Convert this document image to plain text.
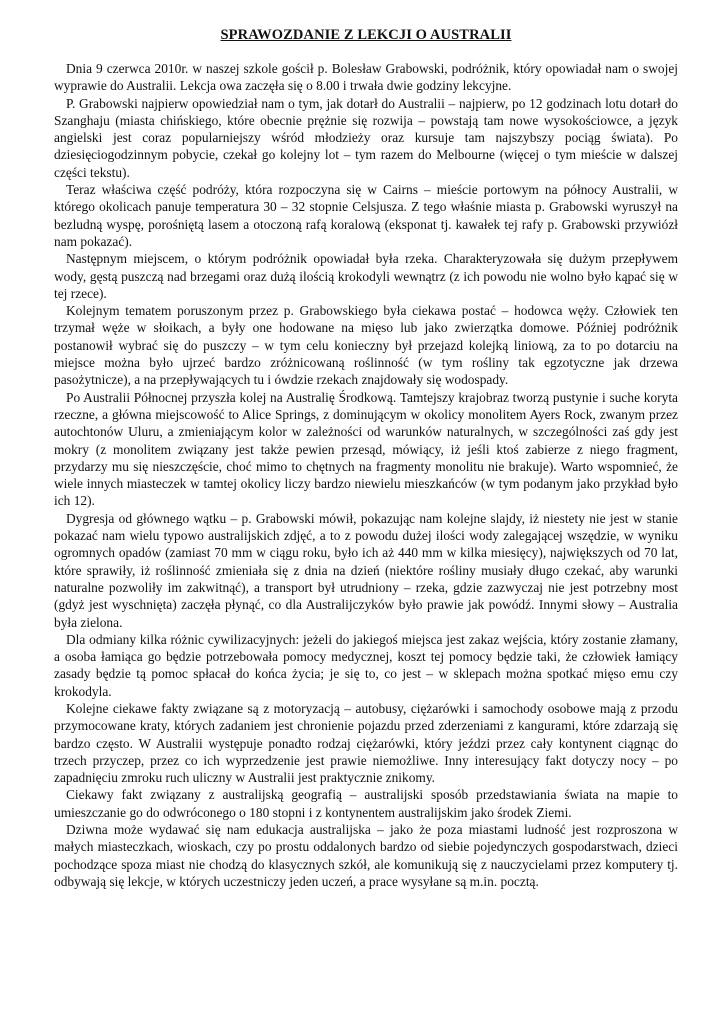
SPRAWOZDANIE Z LEKCJI O AUSTRALII

Dnia 9 czerwca 2010r. w naszej szkole gościł p. Bolesław Grabowski, podróżnik, który opowiadał nam o swojej wyprawie do Australii. Lekcja owa zaczęła się o 8.00 i trwała dwie godziny lekcyjne.

P. Grabowski najpierw opowiedział nam o tym, jak dotarł do Australii – najpierw, po 12 godzinach lotu dotarł do Szanghaju (miasta chińskiego, które obecnie prężnie się rozwija – powstają tam nowe wysokościowce, a język angielski jest coraz popularniejszy wśród młodzieży oraz kursuje tam najszybszy pociąg świata). Po dziesięciogodzinnym pobycie, czekał go kolejny lot – tym razem do Melbourne (więcej o tym mieście w dalszej części tekstu).

Teraz właściwa część podróży, która rozpoczyna się w Cairns – mieście portowym na północy Australii, w którego okolicach panuje temperatura 30 – 32 stopnie Celsjusza. Z tego właśnie miasta p. Grabowski wyruszył na bezludną wyspę, porośniętą lasem a otoczoną rafą koralową (eksponat tj. kawałek tej rafy p. Grabowski przywiózł nam pokazać).

Następnym miejscem, o którym podróżnik opowiadał była rzeka. Charakteryzowała się dużym przepływem wody, gęstą puszczą nad brzegami oraz dużą ilością krokodyli wewnątrz (z ich powodu nie wolno było kąpać się w tej rzece).

Kolejnym tematem poruszonym przez p. Grabowskiego była ciekawa postać – hodowca węży. Człowiek ten trzymał węże w słoikach, a były one hodowane na mięso lub jako zwierzątka domowe. Później podróżnik postanowił wybrać się do puszczy – w tym celu konieczny był przejazd kolejką liniową, za to po dotarciu na miejsce można było ujrzeć bardzo zróżnicowaną roślinność (w tym rośliny tak egzotyczne jak drzewa pasożytnicze), a na przepływających tu i ówdzie rzekach znajdowały się wodospady.

Po Australii Północnej przyszła kolej na Australię Środkową. Tamtejszy krajobraz tworzą pustynie i suche koryta rzeczne, a główna miejscowość to Alice Springs, z dominującym w okolicy monolitem Ayers Rock, zwanym przez autochtonów Uluru, a zmieniającym kolor w zależności od warunków naturalnych, w szczególności zaś gdy jest mokry (z monolitem związany jest także pewien przesąd, mówiący, iż jeśli ktoś zabierze z niego fragment, przydarzy mu się nieszczęście, choć mimo to chętnych na fragmenty monolitu nie brakuje). Warto wspomnieć, że wiele innych miasteczek w tamtej okolicy liczy bardzo niewielu mieszkańców (w tym podanym jako przykład było ich 12).

Dygresja od głównego wątku – p. Grabowski mówił, pokazując nam kolejne slajdy, iż niestety nie jest w stanie pokazać nam wielu typowo australijskich zdjęć, a to z powodu dużej ilości wody zalegającej wszędzie, w wyniku ogromnych opadów (zamiast 70 mm w ciągu roku, było ich aż 440 mm w kilka miesięcy), największych od 70 lat, które sprawiły, iż roślinność zmieniała się z dnia na dzień (niektóre rośliny musiały długo czekać, aby warunki naturalne pozwoliły im zakwitnąć), a transport był utrudniony – rzeka, gdzie zazwyczaj nie jest potrzebny most (gdyż jest wyschnięta) zaczęła płynąć, co dla Australijczyków było prawie jak powódź. Innymi słowy – Australia była zielona.

Dla odmiany kilka różnic cywilizacyjnych: jeżeli do jakiegoś miejsca jest zakaz wejścia, który zostanie złamany, a osoba łamiąca go będzie potrzebowała pomocy medycznej, koszt tej pomocy będzie taki, że człowiek łamiący zasady będzie tą pomoc spłacał do końca życia; je się to, co jest – w sklepach można spotkać mięso emu czy krokodyla.

Kolejne ciekawe fakty związane są z motoryzacją – autobusy, ciężarówki i samochody osobowe mają z przodu przymocowane kraty, których zadaniem jest chronienie pojazdu przed zderzeniami z kangurami, które zdarzają się bardzo często. W Australii występuje ponadto rodzaj ciężarówki, który jeździ przez cały kontynent ciągnąc do trzech przyczep, przez co ich wyprzedzenie jest prawie niemożliwe. Inny interesujący fakt dotyczy nocy – po zapadnięciu zmroku ruch uliczny w Australii jest praktycznie znikomy.

Ciekawy fakt związany z australijską geografią – australijski sposób przedstawiania świata na mapie to umieszczanie go do odwróconego o 180 stopni i z kontynentem australijskim jako środek Ziemi.

Dziwna może wydawać się nam edukacja australijska – jako że poza miastami ludność jest rozproszona w małych miasteczkach, wioskach, czy po prostu oddalonych bardzo od siebie pojedynczych gospodarstwach, dzieci pochodzące spoza miast nie chodzą do klasycznych szkół, ale komunikują się z nauczycielami przez komputery tj. odbywają się lekcje, w których uczestniczy jeden uczeń, a prace wysyłane są m.in. pocztą.
